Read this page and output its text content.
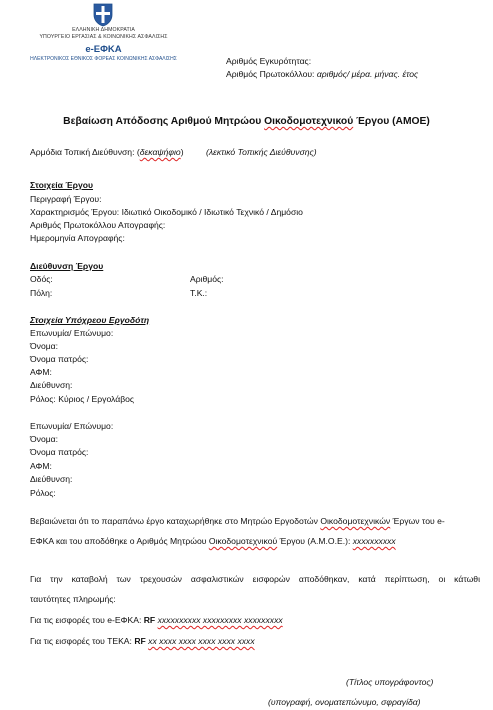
ΕΛΛΗΝΙΚΗ ΔΗΜΟΚΡΑΤΙΑ
ΥΠΟΥΡΓΕΙΟ ΕΡΓΑΣΙΑΣ & ΚΟΙΝΩΝΙΚΗΣ ΑΣΦΑΛΙΣΗΣ
e-ΕΦΚΑ
ΗΛΕΚΤΡΟΝΙΚΟΣ ΕΘΝΙΚΟΣ ΦΟΡΕΑΣ ΚΟΙΝΩΝΙΚΗΣ ΑΣΦΑΛΙΣΗΣ	Αριθμός Εγκυρότητας:
Αριθμός Πρωτοκόλλου: αριθμός/ μέρα. μήνας. έτος
Βεβαίωση Απόδοσης Αριθμού Μητρώου Οικοδομοτεχνικού Έργου (ΑΜΟΕ)
Αρμόδια Τοπική Διεύθυνση: (δεκαψήφιο)	(λεκτικό Τοπικής Διεύθυνσης)
Στοιχεία Έργου
Περιγραφή Έργου:
Χαρακτηρισμός Έργου: Ιδιωτικό Οικοδομικό / Ιδιωτικό Τεχνικό / Δημόσιο
Αριθμός Πρωτοκόλλου Απογραφής:
Ημερομηνία Απογραφής:
Διεύθυνση Έργου
Οδός:	Αριθμός:
Πόλη:	Τ.Κ.:
Στοιχεία Υπόχρεου Εργοδότη
Επωνυμία/ Επώνυμο:
Όνομα:
Όνομα πατρός:
ΑΦΜ:
Διεύθυνση:
Ρόλος: Κύριος / Εργολάβος
Επωνυμία/ Επώνυμο:
Όνομα:
Όνομα πατρός:
ΑΦΜ:
Διεύθυνση:
Ρόλος:
Βεβαιώνεται ότι το παραπάνω έργο καταχωρήθηκε στο Μητρώο Εργοδοτών Οικοδομοτεχνικών Έργων του e-
ΕΦΚΑ και του αποδόθηκε ο Αριθμός Μητρώου Οικοδομοτεχνικού Έργου (Α.Μ.Ο.Ε.): xxxxxxxxxx
Για την καταβολή των τρεχουσών ασφαλιστικών εισφορών αποδόθηκαν, κατά περίπτωση, οι κάτωθι
ταυτότητες πληρωμής:
Για τις εισφορές του e-ΕΦΚΑ: RF xxxxxxxxxx xxxxxxxxx xxxxxxxxx
Για τις εισφορές του ΤΕΚΑ: RF xx xxxx xxxx xxxx xxxx xxxx
(Τίτλος υπογράφοντος)
(υπογραφή, ονοματεπώνυμο, σφραγίδα)
